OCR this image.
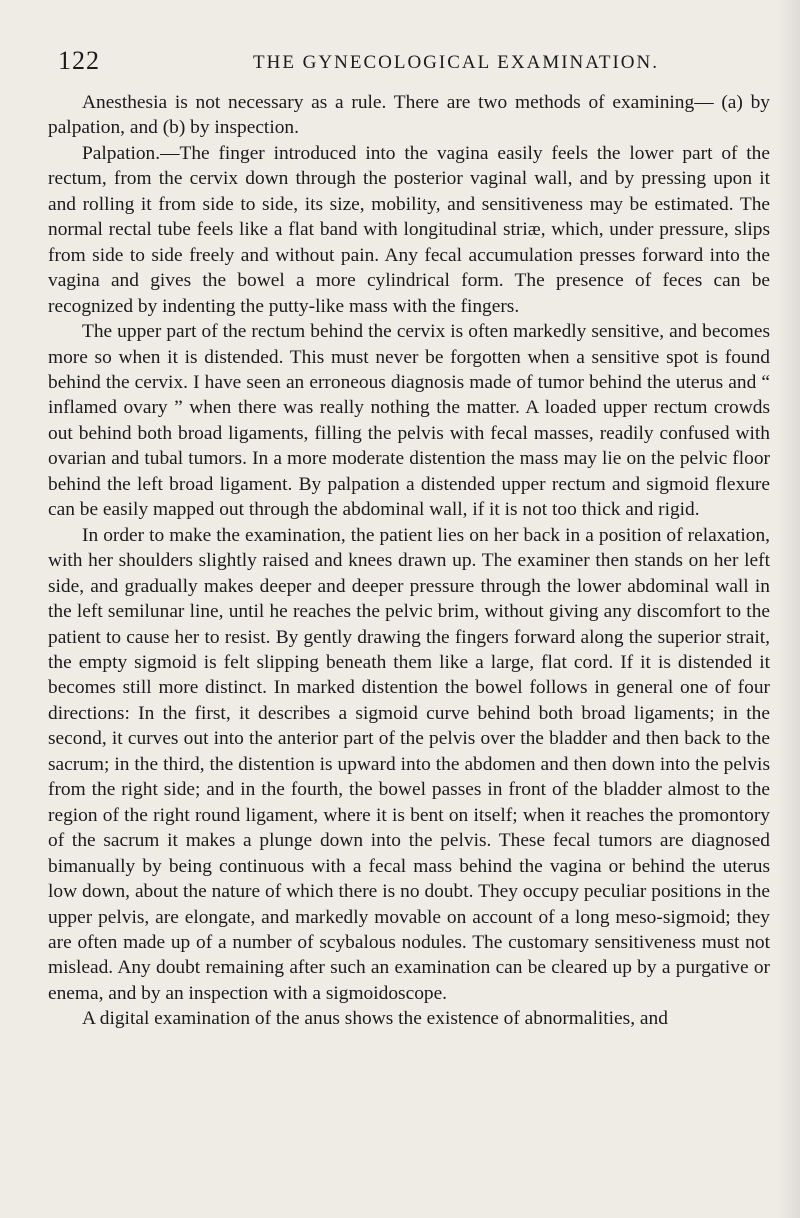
122	THE GYNECOLOGICAL EXAMINATION.

Anesthesia is not necessary as a rule. There are two methods of examining— (a) by palpation, and (b) by inspection.

Palpation.—The finger introduced into the vagina easily feels the lower part of the rectum, from the cervix down through the posterior vaginal wall, and by pressing upon it and rolling it from side to side, its size, mobility, and sensitiveness may be estimated. The normal rectal tube feels like a flat band with longitudinal striæ, which, under pressure, slips from side to side freely and without pain. Any fecal accumulation presses forward into the vagina and gives the bowel a more cylindrical form. The presence of feces can be recognized by indenting the putty-like mass with the fingers.

The upper part of the rectum behind the cervix is often markedly sensitive, and becomes more so when it is distended. This must never be forgotten when a sensitive spot is found behind the cervix. I have seen an erroneous diagnosis made of tumor behind the uterus and “ inflamed ovary ” when there was really nothing the matter. A loaded upper rectum crowds out behind both broad ligaments, filling the pelvis with fecal masses, readily confused with ovarian and tubal tumors. In a more moderate distention the mass may lie on the pelvic floor behind the left broad ligament. By palpation a distended upper rectum and sigmoid flexure can be easily mapped out through the abdominal wall, if it is not too thick and rigid.

In order to make the examination, the patient lies on her back in a position of relaxation, with her shoulders slightly raised and knees drawn up. The examiner then stands on her left side, and gradually makes deeper and deeper pressure through the lower abdominal wall in the left semilunar line, until he reaches the pelvic brim, without giving any discomfort to the patient to cause her to resist. By gently drawing the fingers forward along the superior strait, the empty sigmoid is felt slipping beneath them like a large, flat cord. If it is distended it becomes still more distinct. In marked distention the bowel follows in general one of four directions: In the first, it describes a sigmoid curve behind both broad ligaments; in the second, it curves out into the anterior part of the pelvis over the bladder and then back to the sacrum; in the third, the distention is upward into the abdomen and then down into the pelvis from the right side; and in the fourth, the bowel passes in front of the bladder almost to the region of the right round ligament, where it is bent on itself; when it reaches the promontory of the sacrum it makes a plunge down into the pelvis. These fecal tumors are diagnosed bimanually by being continuous with a fecal mass behind the vagina or behind the uterus low down, about the nature of which there is no doubt. They occupy peculiar positions in the upper pelvis, are elongate, and markedly movable on account of a long meso-sigmoid; they are often made up of a number of scybalous nodules. The customary sensitiveness must not mislead. Any doubt remaining after such an examination can be cleared up by a purgative or enema, and by an inspection with a sigmoidoscope.

A digital examination of the anus shows the existence of abnormalities, and
